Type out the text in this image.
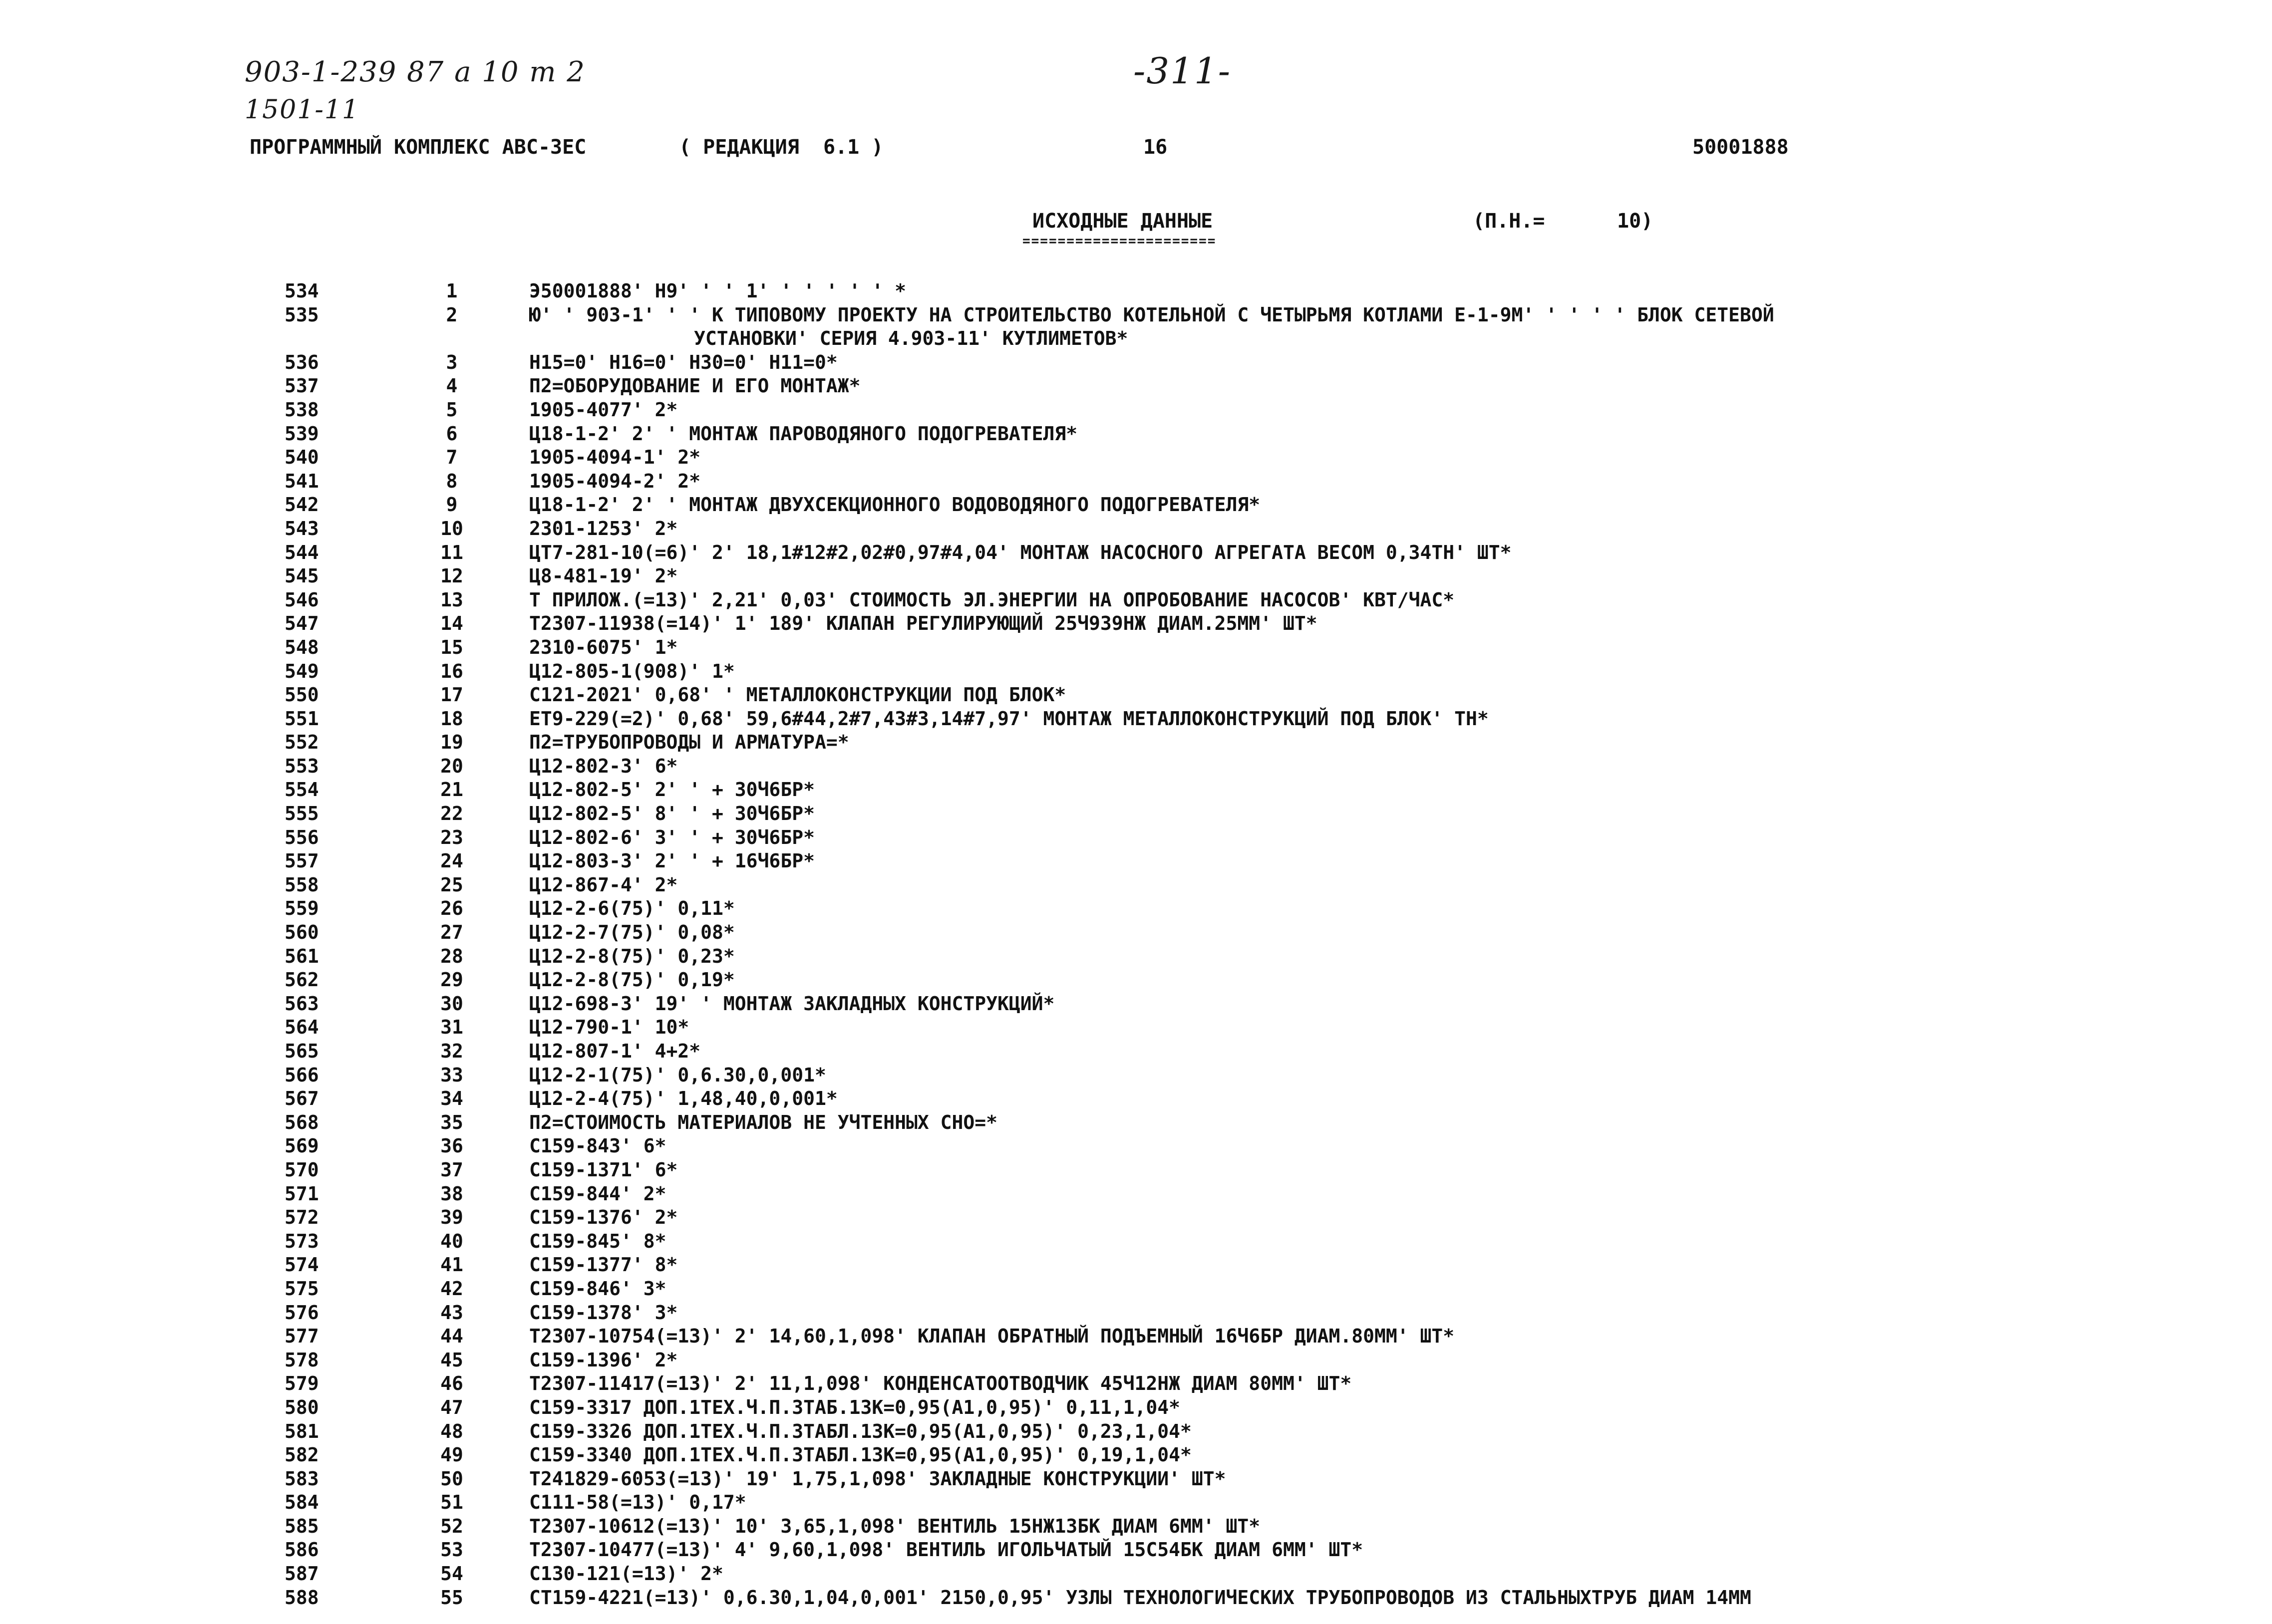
903-1-239 87 а 10 т 2
1501-11
-311-
ПРОГРАММНЫЙ КОМПЛЕКС АВС-3ЕС	( РЕДАКЦИЯ  6.1 )	16	50001888
ИСХОДНЫЕ ДАННЫЕ	(П.Н.=      10)
======================
534	1	Э50001888' Н9' ' ' 1' ' ' ' ' ' *
535	2	Ю' ' 903-1' ' ' К ТИПОВОМУ ПРОЕКТУ НА СТРОИТЕЛЬСТВО КОТЕЛЬНОЙ С ЧЕТЫРЬМЯ КОТЛАМИ Е-1-9М' ' ' ' ' БЛОК СЕТЕВОЙ
УСТАНОВКИ' СЕРИЯ 4.903-11' КУТЛИМЕТОВ*
536	3	Н15=0' Н16=0' Н30=0' Н11=0*
537	4	П2=ОБОРУДОВАНИЕ И ЕГО МОНТАЖ*
538	5	1905-4077' 2*
539	6	Ц18-1-2' 2' ' МОНТАЖ ПАРОВОДЯНОГО ПОДОГРЕВАТЕЛЯ*
540	7	1905-4094-1' 2*
541	8	1905-4094-2' 2*
542	9	Ц18-1-2' 2' ' МОНТАЖ ДВУХСЕКЦИОННОГО ВОДОВОДЯНОГО ПОДОГРЕВАТЕЛЯ*
543	10	2301-1253' 2*
544	11	ЦТ7-281-10(=6)' 2' 18,1#12#2,02#0,97#4,04' МОНТАЖ НАСОСНОГО АГРЕГАТА ВЕСОМ 0,34ТН' ШТ*
545	12	Ц8-481-19' 2*
546	13	Т ПРИЛОЖ.(=13)' 2,21' 0,03' СТОИМОСТЬ ЭЛ.ЭНЕРГИИ НА ОПРОБОВАНИЕ НАСОСОВ' КВТ/ЧАС*
547	14	Т2307-11938(=14)' 1' 189' КЛАПАН РЕГУЛИРУЮЩИЙ 25Ч939НЖ ДИАМ.25ММ' ШТ*
548	15	2310-6075' 1*
549	16	Ц12-805-1(908)' 1*
550	17	С121-2021' 0,68' ' МЕТАЛЛОКОНСТРУКЦИИ ПОД БЛОК*
551	18	ЕТ9-229(=2)' 0,68' 59,6#44,2#7,43#3,14#7,97' МОНТАЖ МЕТАЛЛОКОНСТРУКЦИЙ ПОД БЛОК' ТН*
552	19	П2=ТРУБОПРОВОДЫ И АРМАТУРА=*
553	20	Ц12-802-3' 6*
554	21	Ц12-802-5' 2' ' + 30Ч6БР*
555	22	Ц12-802-5' 8' ' + 30Ч6БР*
556	23	Ц12-802-6' 3' ' + 30Ч6БР*
557	24	Ц12-803-3' 2' ' + 16Ч6БР*
558	25	Ц12-867-4' 2*
559	26	Ц12-2-6(75)' 0,11*
560	27	Ц12-2-7(75)' 0,08*
561	28	Ц12-2-8(75)' 0,23*
562	29	Ц12-2-8(75)' 0,19*
563	30	Ц12-698-3' 19' ' МОНТАЖ ЗАКЛАДНЫХ КОНСТРУКЦИЙ*
564	31	Ц12-790-1' 10*
565	32	Ц12-807-1' 4+2*
566	33	Ц12-2-1(75)' 0,6.30,0,001*
567	34	Ц12-2-4(75)' 1,48,40,0,001*
568	35	П2=СТОИМОСТЬ МАТЕРИАЛОВ НЕ УЧТЕННЫХ СНО=*
569	36	С159-843' 6*
570	37	С159-1371' 6*
571	38	С159-844' 2*
572	39	С159-1376' 2*
573	40	С159-845' 8*
574	41	С159-1377' 8*
575	42	С159-846' 3*
576	43	С159-1378' 3*
577	44	Т2307-10754(=13)' 2' 14,60,1,098' КЛАПАН ОБРАТНЫЙ ПОДЪЕМНЫЙ 16Ч6БР ДИАМ.80ММ' ШТ*
578	45	С159-1396' 2*
579	46	Т2307-11417(=13)' 2' 11,1,098' КОНДЕНСАТООТВОДЧИК 45Ч12НЖ ДИАМ 80ММ' ШТ*
580	47	С159-3317 ДОП.1ТЕХ.Ч.П.3ТАБ.13К=0,95(А1,0,95)' 0,11,1,04*
581	48	С159-3326 ДОП.1ТЕХ.Ч.П.3ТАБЛ.13К=0,95(А1,0,95)' 0,23,1,04*
582	49	С159-3340 ДОП.1ТЕХ.Ч.П.3ТАБЛ.13К=0,95(А1,0,95)' 0,19,1,04*
583	50	Т241829-6053(=13)' 19' 1,75,1,098' ЗАКЛАДНЫЕ КОНСТРУКЦИИ' ШТ*
584	51	С111-58(=13)' 0,17*
585	52	Т2307-10612(=13)' 10' 3,65,1,098' ВЕНТИЛЬ 15НЖ13БК ДИАМ 6ММ' ШТ*
586	53	Т2307-10477(=13)' 4' 9,60,1,098' ВЕНТИЛЬ ИГОЛЬЧАТЫЙ 15С54БК ДИАМ 6ММ' ШТ*
587	54	С130-121(=13)' 2*
588	55	СТ159-4221(=13)' 0,6.30,1,04,0,001' 2150,0,95' УЗЛЫ ТЕХНОЛОГИЧЕСКИХ ТРУБОПРОВОДОВ ИЗ СТАЛЬНЫХТРУБ ДИАМ 14ММ
